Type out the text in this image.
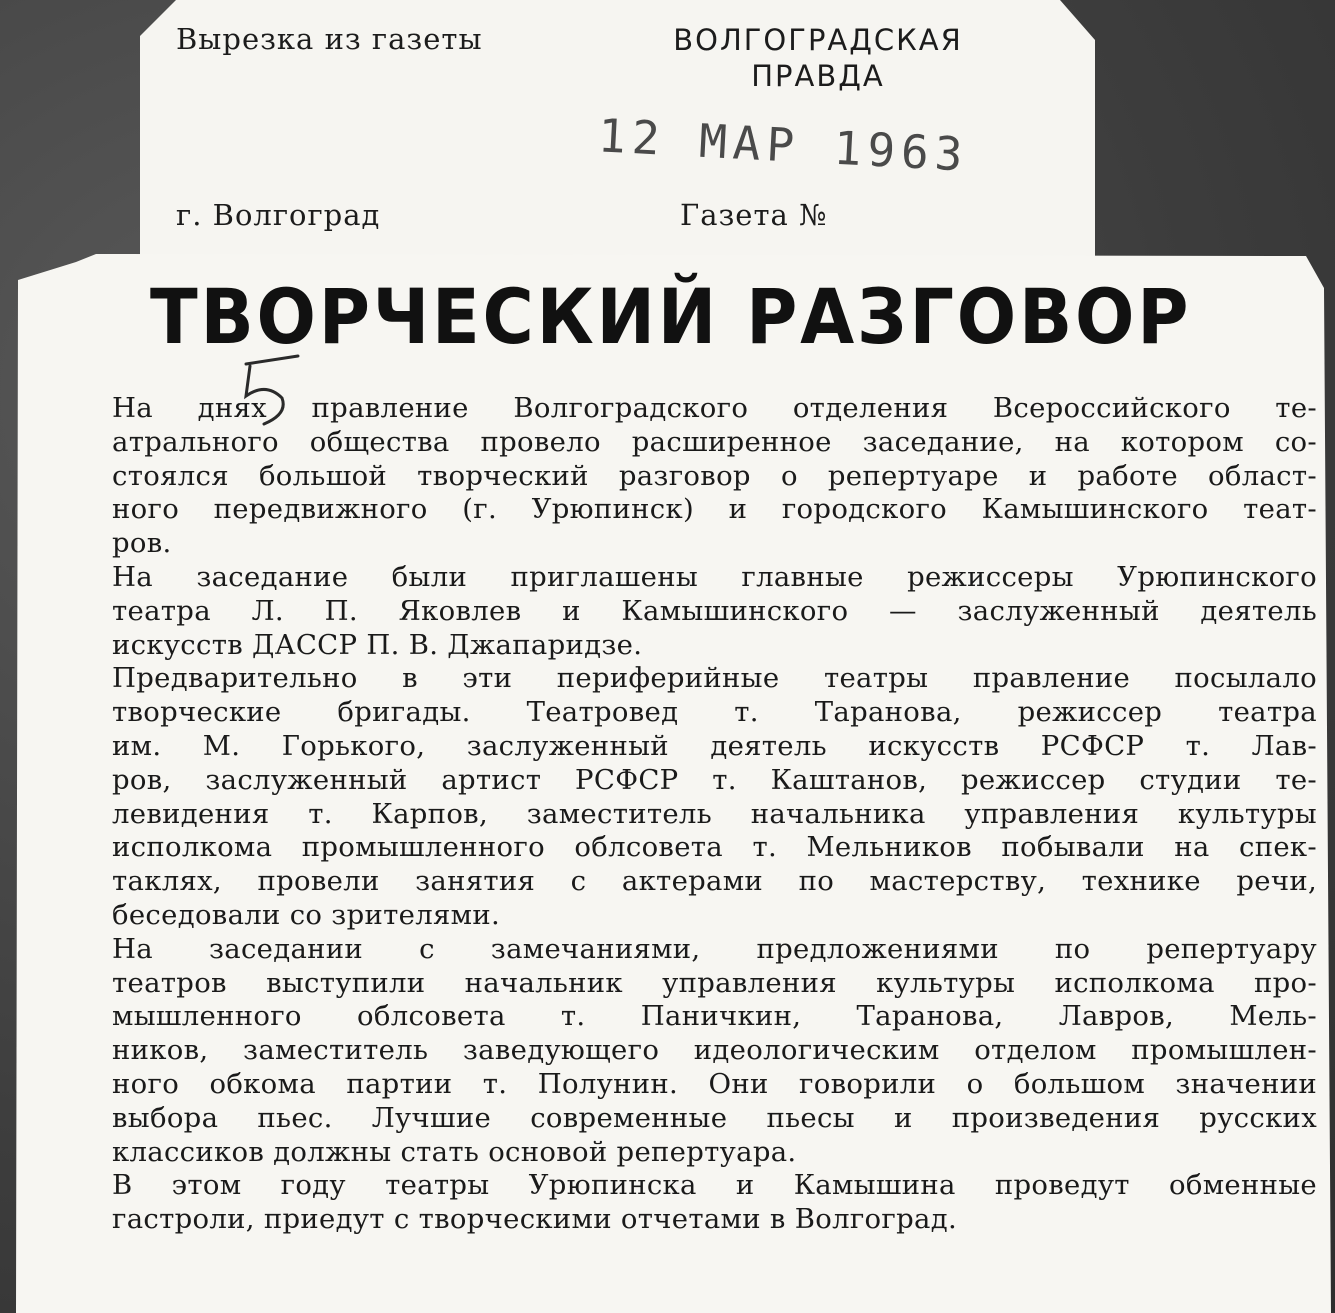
Вырезка из газеты	ВОЛГОГРАДСКАЯ
ПРАВДА
12 МАР 1963
г. Волгоград	Газета №
ТВОРЧЕСКИЙ РАЗГОВОР
На днях правление Волгоградского отделения Всероссийского те-
атрального общества провело расширенное заседание, на котором со-
стоялся большой творческий разговор о репертуаре и работе област-
ного передвижного (г. Урюпинск) и городского Камышинского теат-
ров.
На заседание были приглашены главные режиссеры Урюпинского
театра Л. П. Яковлев и Камышинского — заслуженный деятель
искусств ДАССР П. В. Джапаридзе.
Предварительно в эти периферийные театры правление посылало
творческие бригады. Театровед т. Таранова, режиссер театра
им. М. Горького, заслуженный деятель искусств РСФСР т. Лав-
ров, заслуженный артист РСФСР т. Каштанов, режиссер студии те-
левидения т. Карпов, заместитель начальника управления культуры
исполкома промышленного облсовета т. Мельников побывали на спек-
таклях, провели занятия с актерами по мастерству, технике речи,
беседовали со зрителями.
На заседании с замечаниями, предложениями по репертуару
театров выступили начальник управления культуры исполкома про-
мышленного облсовета т. Паничкин, Таранова, Лавров, Мель-
ников, заместитель заведующего идеологическим отделом промышлен-
ного обкома партии т. Полунин. Они говорили о большом значении
выбора пьес. Лучшие современные пьесы и произведения русских
классиков должны стать основой репертуара.
В этом году театры Урюпинска и Камышина проведут обменные
гастроли, приедут с творческими отчетами в Волгоград.
